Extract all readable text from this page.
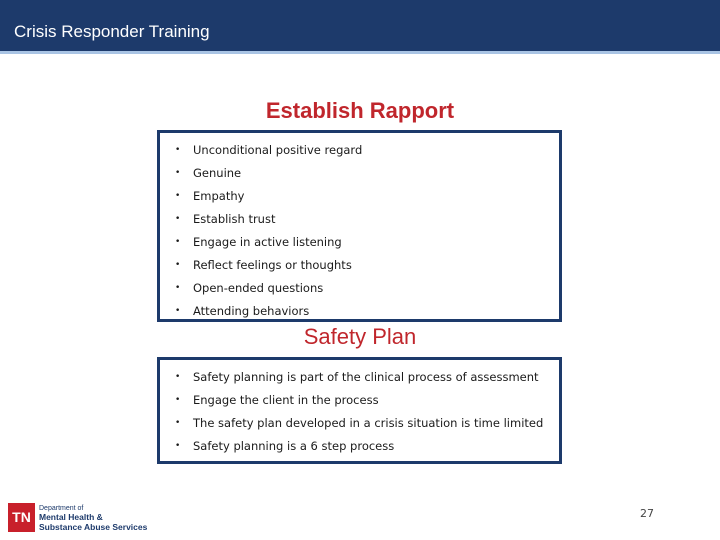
Crisis Responder Training
Establish Rapport
• Unconditional positive regard
• Genuine
• Empathy
• Establish trust
• Engage in active listening
• Reflect feelings or thoughts
• Open-ended questions
• Attending behaviors
Safety Plan
• Safety planning is part of the clinical process of assessment
• Engage the client in the process
• The safety plan developed in a crisis situation is time limited
• Safety planning is a 6 step process
TN
Department of
Mental Health &
Substance Abuse Services
27
